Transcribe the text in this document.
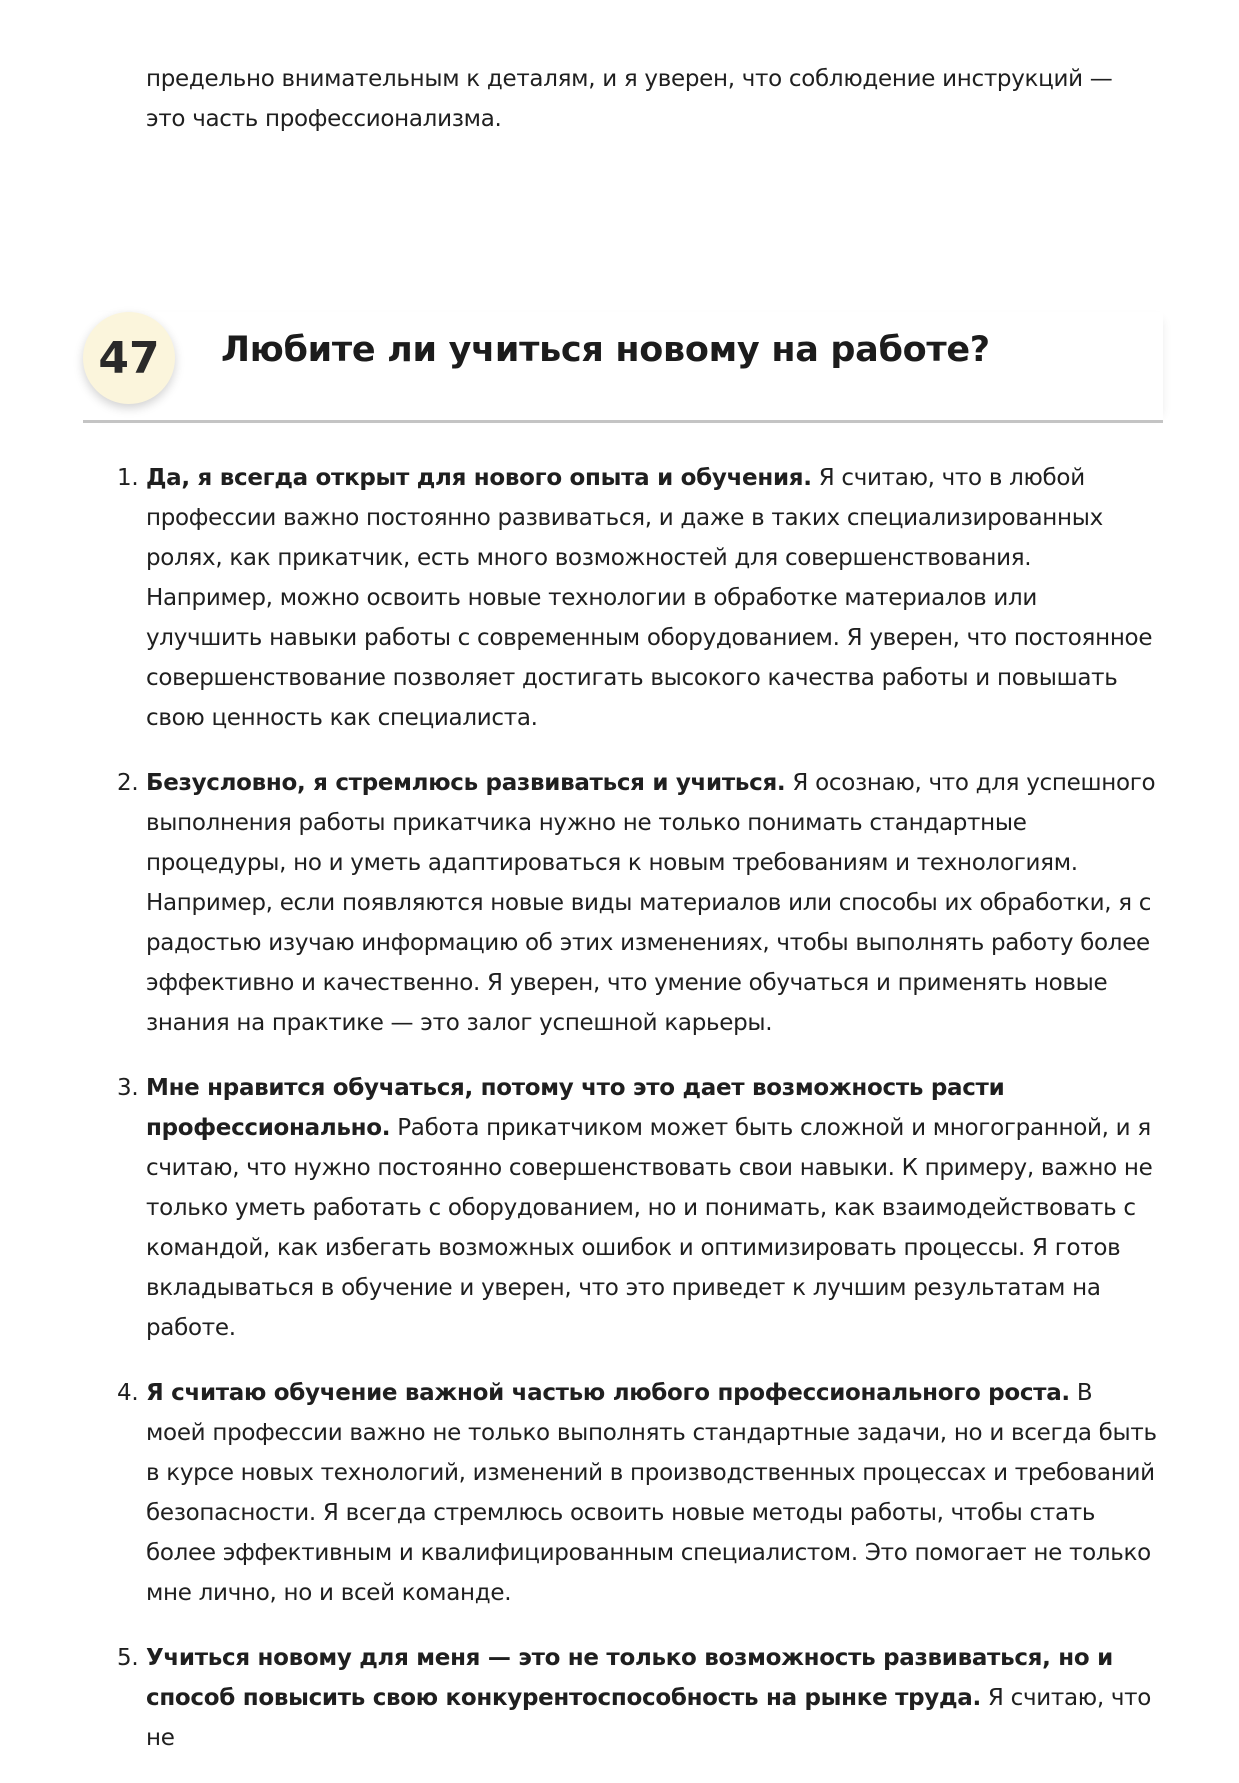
предельно внимательным к деталям, и я уверен, что соблюдение инструкций — это часть профессионализма.

47	Любите ли учиться новому на работе?
1. Да, я всегда открыт для нового опыта и обучения. Я считаю, что в любой профессии важно постоянно развиваться, и даже в таких специализированных ролях, как прикатчик, есть много возможностей для совершенствования. Например, можно освоить новые технологии в обработке материалов или улучшить навыки работы с современным оборудованием. Я уверен, что постоянное совершенствование позволяет достигать высокого качества работы и повышать свою ценность как специалиста.
2. Безусловно, я стремлюсь развиваться и учиться. Я осознаю, что для успешного выполнения работы прикатчика нужно не только понимать стандартные процедуры, но и уметь адаптироваться к новым требованиям и технологиям. Например, если появляются новые виды материалов или способы их обработки, я с радостью изучаю информацию об этих изменениях, чтобы выполнять работу более эффективно и качественно. Я уверен, что умение обучаться и применять новые знания на практике — это залог успешной карьеры.
3. Мне нравится обучаться, потому что это дает возможность расти профессионально. Работа прикатчиком может быть сложной и многогранной, и я считаю, что нужно постоянно совершенствовать свои навыки. К примеру, важно не только уметь работать с оборудованием, но и понимать, как взаимодействовать с командой, как избегать возможных ошибок и оптимизировать процессы. Я готов вкладываться в обучение и уверен, что это приведет к лучшим результатам на работе.
4. Я считаю обучение важной частью любого профессионального роста. В моей профессии важно не только выполнять стандартные задачи, но и всегда быть в курсе новых технологий, изменений в производственных процессах и требований безопасности. Я всегда стремлюсь освоить новые методы работы, чтобы стать более эффективным и квалифицированным специалистом. Это помогает не только мне лично, но и всей команде.
5. Учиться новому для меня — это не только возможность развиваться, но и способ повысить свою конкурентоспособность на рынке труда. Я считаю, что не
